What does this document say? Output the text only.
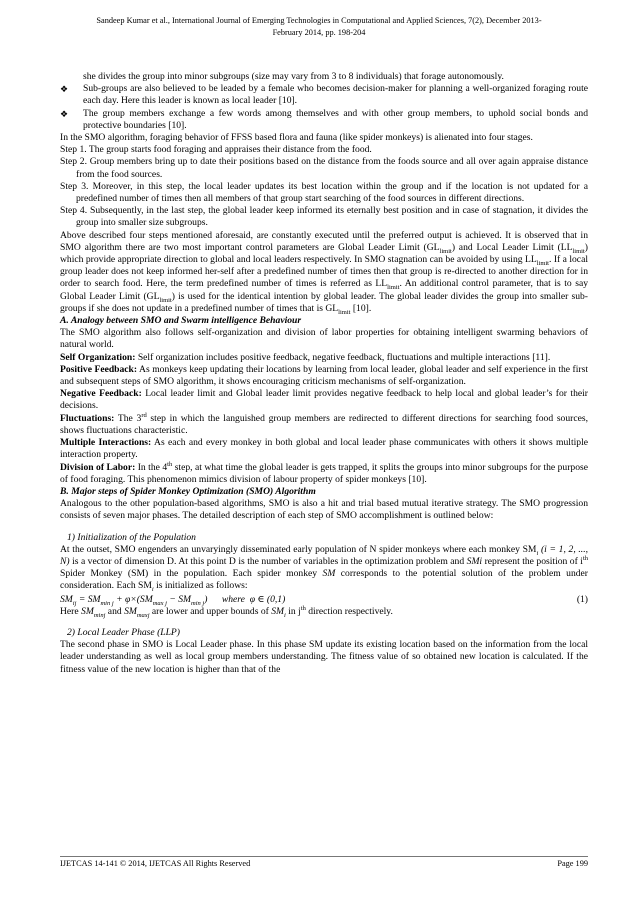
Sandeep Kumar et al., International Journal of Emerging Technologies in Computational and Applied Sciences, 7(2), December 2013-
February 2014, pp. 198-204

she divides the group into minor subgroups (size may vary from 3 to 8 individuals) that forage autonomously.

❖ Sub-groups are also believed to be leaded by a female who becomes decision-maker for planning a well-organized foraging route each day. Here this leader is known as local leader [10].

❖ The group members exchange a few words among themselves and with other group members, to uphold social bonds and protective boundaries [10].

In the SMO algorithm, foraging behavior of FFSS based flora and fauna (like spider monkeys) is alienated into four stages.

Step 1. The group starts food foraging and appraises their distance from the food.

Step 2. Group members bring up to date their positions based on the distance from the foods source and all over again appraise distance from the food sources.

Step 3. Moreover, in this step, the local leader updates its best location within the group and if the location is not updated for a predefined number of times then all members of that group start searching of the food sources in different directions.

Step 4. Subsequently, in the last step, the global leader keep informed its eternally best position and in case of stagnation, it divides the group into smaller size subgroups.

Above described four steps mentioned aforesaid, are constantly executed until the preferred output is achieved. It is observed that in SMO algorithm there are two most important control parameters are Global Leader Limit $(GL_{limit})$ and Local Leader Limit $(LL_{limit})$ which provide appropriate direction to global and local leaders respectively. In SMO stagnation can be avoided by using $LL_{limit}$. If a local group leader does not keep informed her-self after a predefined number of times then that group is re-directed to another direction for in order to search food. Here, the term predefined number of times is referred as $LL_{limit}$. An additional control parameter, that is to say Global Leader Limit $(GL_{limit})$ is used for the identical intention by global leader. The global leader divides the group into smaller sub-groups if she does not update in a predefined number of times that is $GL_{limit}$ [10].

A. Analogy between SMO and Swarm intelligence Behaviour

The SMO algorithm also follows self-organization and division of labor properties for obtaining intelligent swarming behaviors of natural world.

Self Organization: Self organization includes positive feedback, negative feedback, fluctuations and multiple interactions [11].

Positive Feedback: As monkeys keep updating their locations by learning from local leader, global leader and self experience in the first and subsequent steps of SMO algorithm, it shows encouraging criticism mechanisms of self-organization.

Negative Feedback: Local leader limit and Global leader limit provides negative feedback to help local and global leader’s for their decisions.

Fluctuations: The 3rd step in which the languished group members are redirected to different directions for searching food sources, shows fluctuations characteristic.

Multiple Interactions: As each and every monkey in both global and local leader phase communicates with others it shows multiple interaction property.

Division of Labor: In the 4th step, at what time the global leader is gets trapped, it splits the groups into minor subgroups for the purpose of food foraging. This phenomenon mimics division of labour property of spider monkeys [10].

B. Major steps of Spider Monkey Optimization (SMO) Algorithm

Analogous to the other population-based algorithms, SMO is also a hit and trial based mutual iterative strategy. The SMO progression consists of seven major phases. The detailed description of each step of SMO accomplishment is outlined below:

1) Initialization of the Population

At the outset, SMO engenders an unvaryingly disseminated early population of N spider monkeys where each monkey $SM_i$ (i = 1, 2, ..., N) is a vector of dimension D. At this point D is the number of variables in the optimization problem and SMi represent the position of $i^{th}$ Spider Monkey (SM) in the population. Each spider monkey SM corresponds to the potential solution of the problem under consideration. Each $SM_i$ is initialized as follows:

$SM_{ij} = SM_{min j} + \varphi\times(SM_{max j} - SM_{min j})$      where  φ ∈ (0,1)	(1)

Here $SM_{minj}$ and $SM_{maxj}$ are lower and upper bounds of $SM_i$ in $j^{th}$ direction respectively.

2) Local Leader Phase (LLP)

The second phase in SMO is Local Leader phase. In this phase SM update its existing location based on the information from the local leader understanding as well as local group members understanding. The fitness value of so obtained new location is calculated. If the fitness value of the new location is higher than that of the

IJETCAS 14-141 © 2014, IJETCAS All Rights Reserved	Page 199
